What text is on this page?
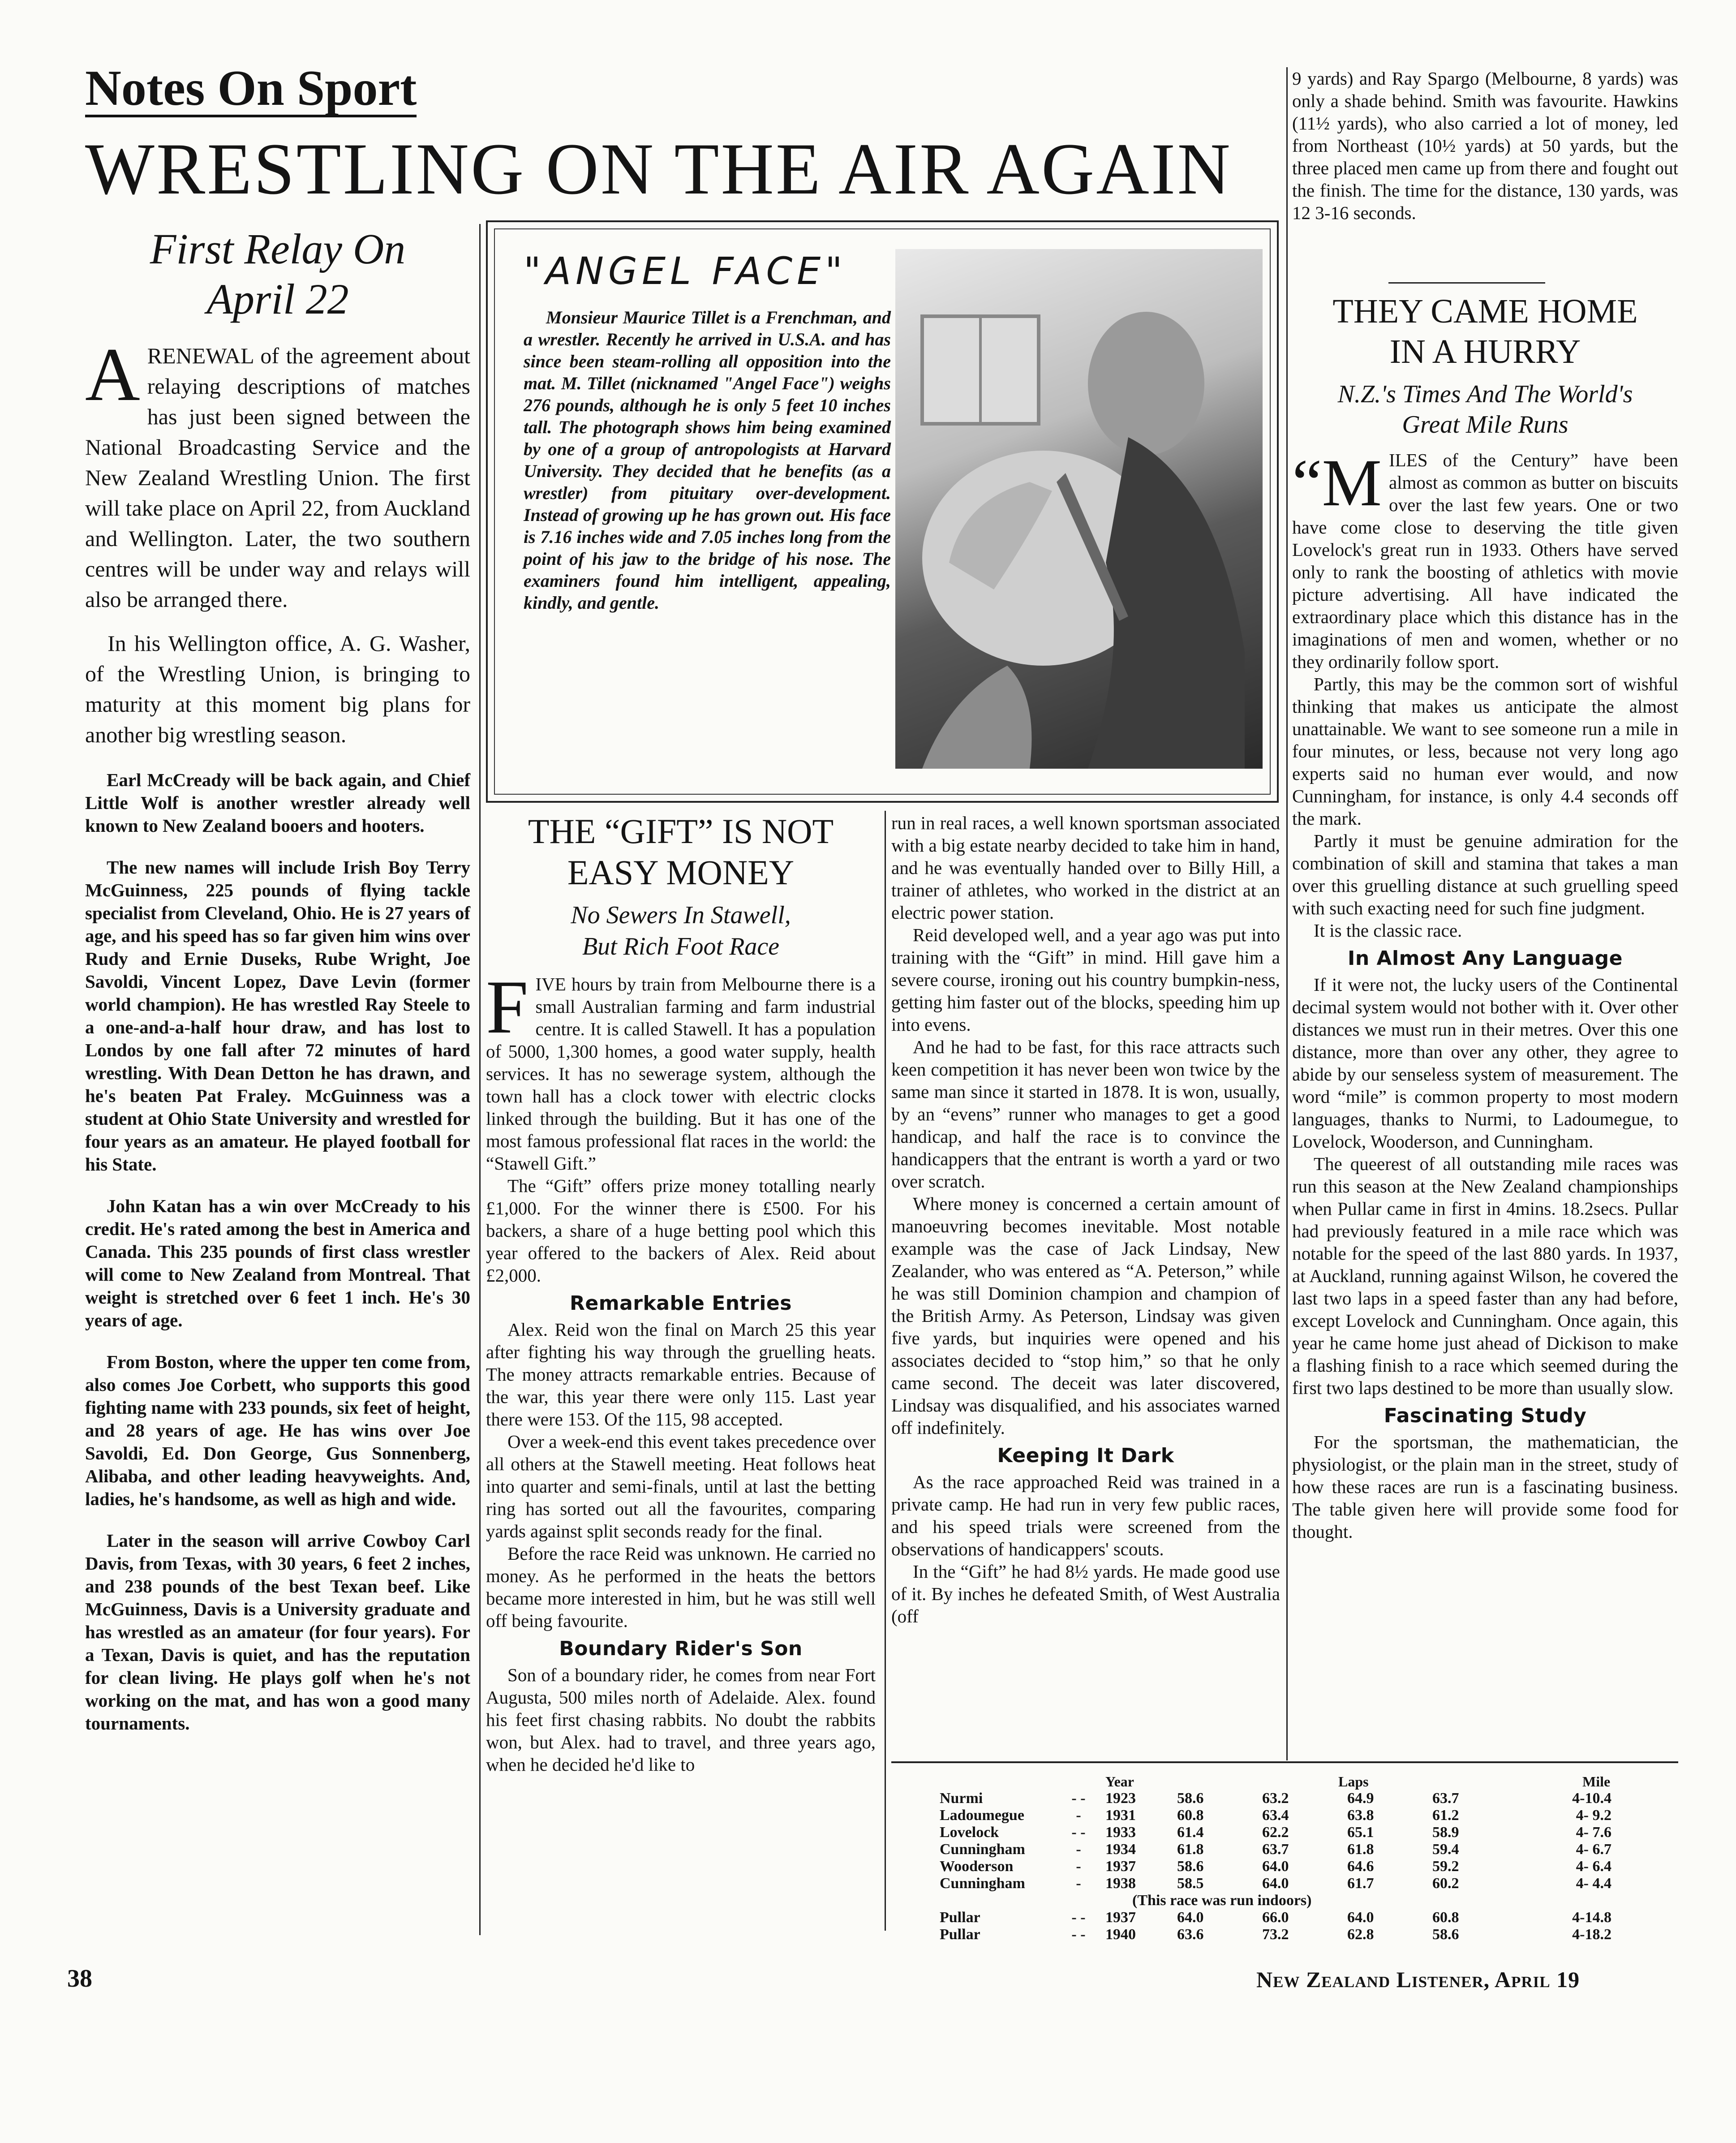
Notes On Sport
WRESTLING ON THE AIR AGAIN
First Relay On
April 22

ARENEWAL of the agreement about relaying descriptions of matches has just been signed between the National Broadcasting Service and the New Zealand Wrestling Union. The first will take place on April 22, from Auckland and Wellington. Later, the two southern centres will be under way and relays will also be arranged there.

In his Wellington office, A. G. Washer, of the Wrestling Union, is bringing to maturity at this moment big plans for another big wrestling season.

Earl McCready will be back again, and Chief Little Wolf is another wrestler already well known to New Zealand booers and hooters.

The new names will include Irish Boy Terry McGuinness, 225 pounds of flying tackle specialist from Cleveland, Ohio. He is 27 years of age, and his speed has so far given him wins over Rudy and Ernie Duseks, Rube Wright, Joe Savoldi, Vincent Lopez, Dave Levin (former world champion). He has wrestled Ray Steele to a one-and-a-half hour draw, and has lost to Londos by one fall after 72 minutes of hard wrestling. With Dean Detton he has drawn, and he's beaten Pat Fraley. McGuinness was a student at Ohio State University and wrestled for four years as an amateur. He played football for his State.

John Katan has a win over McCready to his credit. He's rated among the best in America and Canada. This 235 pounds of first class wrestler will come to New Zealand from Montreal. That weight is stretched over 6 feet 1 inch. He's 30 years of age.

From Boston, where the upper ten come from, also comes Joe Corbett, who supports this good fighting name with 233 pounds, six feet of height, and 28 years of age. He has wins over Joe Savoldi, Ed. Don George, Gus Sonnenberg, Alibaba, and other leading heavyweights. And, ladies, he's handsome, as well as high and wide.

Later in the season will arrive Cowboy Carl Davis, from Texas, with 30 years, 6 feet 2 inches, and 238 pounds of the best Texan beef. Like McGuinness, Davis is a University graduate and has wrestled as an amateur (for four years). For a Texan, Davis is quiet, and has the reputation for clean living. He plays golf when he's not working on the mat, and has won a good many tournaments.

"ANGEL FACE"
Monsieur Maurice Tillet is a Frenchman, and a wrestler. Recently he arrived in U.S.A. and has since been steam-rolling all opposition into the mat. M. Tillet (nicknamed "Angel Face") weighs 276 pounds, although he is only 5 feet 10 inches tall. The photograph shows him being examined by one of a group of antropologists at Harvard University. They decided that he benefits (as a wrestler) from pituitary over-development. Instead of growing up he has grown out. His face is 7.16 inches wide and 7.05 inches long from the point of his jaw to the bridge of his nose. The examiners found him intelligent, appealing, kindly, and gentle.
THE “GIFT” IS NOT
EASY MONEY
No Sewers In Stawell,
But Rich Foot Race

FIVE hours by train from Melbourne there is a small Australian farming and farm industrial centre. It is called Stawell. It has a population of 5000, 1,300 homes, a good water supply, health services. It has no sewerage system, although the town hall has a clock tower with electric clocks linked through the building. But it has one of the most famous professional flat races in the world: the “Stawell Gift.”

The “Gift” offers prize money totalling nearly £1,000. For the winner there is £500. For his backers, a share of a huge betting pool which this year offered to the backers of Alex. Reid about £2,000.

Remarkable Entries

Alex. Reid won the final on March 25 this year after fighting his way through the gruelling heats. The money attracts remarkable entries. Because of the war, this year there were only 115. Last year there were 153. Of the 115, 98 accepted.

Over a week-end this event takes precedence over all others at the Stawell meeting. Heat follows heat into quarter and semi-finals, until at last the betting ring has sorted out all the favourites, comparing yards against split seconds ready for the final.

Before the race Reid was unknown. He carried no money. As he performed in the heats the bettors became more interested in him, but he was still well off being favourite.

Boundary Rider's Son

Son of a boundary rider, he comes from near Fort Augusta, 500 miles north of Adelaide. Alex. found his feet first chasing rabbits. No doubt the rabbits won, but Alex. had to travel, and three years ago, when he decided he'd like to

run in real races, a well known sportsman associated with a big estate nearby decided to take him in hand, and he was eventually handed over to Billy Hill, a trainer of athletes, who worked in the district at an electric power station.

Reid developed well, and a year ago was put into training with the “Gift” in mind. Hill gave him a severe course, ironing out his country bumpkin-ness, getting him faster out of the blocks, speeding him up into evens.

And he had to be fast, for this race attracts such keen competition it has never been won twice by the same man since it started in 1878. It is won, usually, by an “evens” runner who manages to get a good handicap, and half the race is to convince the handicappers that the entrant is worth a yard or two over scratch.

Where money is concerned a certain amount of manoeuvring becomes inevitable. Most notable example was the case of Jack Lindsay, New Zealander, who was entered as “A. Peterson,” while he was still Dominion champion and champion of the British Army. As Peterson, Lindsay was given five yards, but inquiries were opened and his associates decided to “stop him,” so that he only came second. The deceit was later discovered, Lindsay was disqualified, and his associates warned off indefinitely.

Keeping It Dark

As the race approached Reid was trained in a private camp. He had run in very few public races, and his speed trials were screened from the observations of handicappers' scouts.

In the “Gift” he had 8½ yards. He made good use of it. By inches he defeated Smith, of West Australia (off

9 yards) and Ray Spargo (Melbourne, 8 yards) was only a shade behind. Smith was favourite. Hawkins (11½ yards), who also carried a lot of money, led from Northeast (10½ yards) at 50 yards, but the three placed men came up from there and fought out the finish. The time for the distance, 130 yards, was 12 3-16 seconds.

THEY CAME HOME
IN A HURRY
N.Z.'s Times And The World's
Great Mile Runs

“MILES of the Century” have been almost as common as butter on biscuits over the last few years. One or two have come close to deserving the title given Lovelock's great run in 1933. Others have served only to rank the boosting of athletics with movie picture advertising. All have indicated the extraordinary place which this distance has in the imaginations of men and women, whether or no they ordinarily follow sport.

Partly, this may be the common sort of wishful thinking that makes us anticipate the almost unattainable. We want to see someone run a mile in four minutes, or less, because not very long ago experts said no human ever would, and now Cunningham, for instance, is only 4.4 seconds off the mark.

Partly it must be genuine admiration for the combination of skill and stamina that takes a man over this gruelling distance at such gruelling speed with such exacting need for such fine judgment.

It is the classic race.

In Almost Any Language

If it were not, the lucky users of the Continental decimal system would not bother with it. Over other distances we must run in their metres. Over this one distance, more than over any other, they agree to abide by our senseless system of measurement. The word “mile” is common property to most modern languages, thanks to Nurmi, to Ladoumegue, to Lovelock, Wooderson, and Cunningham.

The queerest of all outstanding mile races was run this season at the New Zealand championships when Pullar came in first in 4mins. 18.2secs. Pullar had previously featured in a mile race which was notable for the speed of the last 880 yards. In 1937, at Auckland, running against Wilson, he covered the last two laps in a speed faster than any had before, except Lovelock and Cunningham. Once again, this year he came home just ahead of Dickison to make a flashing finish to a race which seemed during the first two laps destined to be more than usually slow.

Fascinating Study

For the sportsman, the mathematician, the physiologist, or the plain man in the street, study of how these races are run is a fascinating business. The table given here will provide some food for thought.

Year	Laps	Mile
Nurmi	- -	1923	58.6	63.2	64.9	63.7	4-10.4
Ladoumegue	-	1931	60.8	63.4	63.8	61.2	4- 9.2
Lovelock	- -	1933	61.4	62.2	65.1	58.9	4- 7.6
Cunningham	-	1934	61.8	63.7	61.8	59.4	4- 6.7
Wooderson	-	1937	58.6	64.0	64.6	59.2	4- 6.4
Cunningham	-	1938	58.5	64.0	61.7	60.2	4- 4.4
(This race was run indoors)
Pullar	- -	1937	64.0	66.0	64.0	60.8	4-14.8
Pullar	- -	1940	63.6	73.2	62.8	58.6	4-18.2
38	New Zealand Listener, April 19
